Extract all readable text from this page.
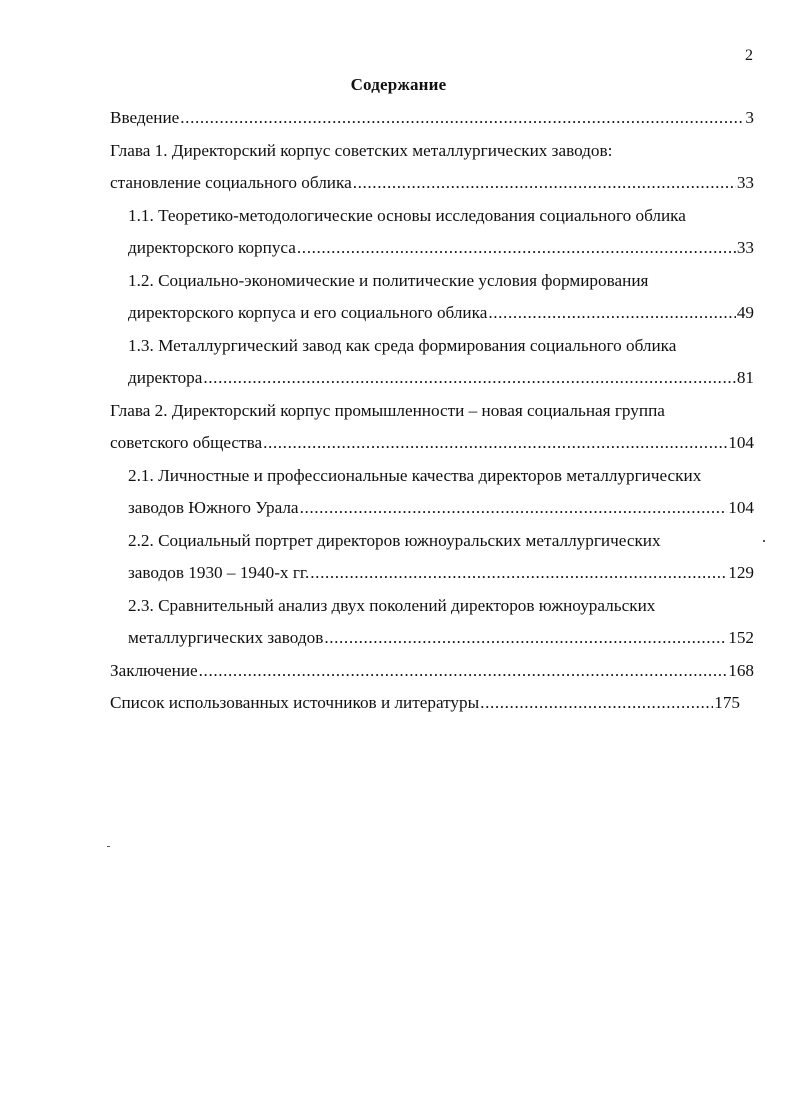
2
Содержание
Введение .....	3
Глава 1. Директорский корпус советских металлургических заводов:
становление социального облика .....	33
1.1. Теоретико-методологические основы исследования социального облика
директорского корпуса .....	33
1.2. Социально-экономические и политические условия формирования
директорского корпуса и его социального облика .....	49
1.3. Металлургический завод как среда формирования социального облика
директора .....	81
Глава 2. Директорский корпус промышленности – новая социальная группа
советского общества .....	104
2.1. Личностные и профессиональные качества директоров металлургических
заводов Южного Урала .....	104
2.2. Социальный портрет директоров южноуральских металлургических
заводов 1930 – 1940-х гг. .....	129
2.3. Сравнительный анализ двух поколений директоров южноуральских
металлургических заводов .....	152
Заключение .....	168
Список использованных источников и литературы .....	175
